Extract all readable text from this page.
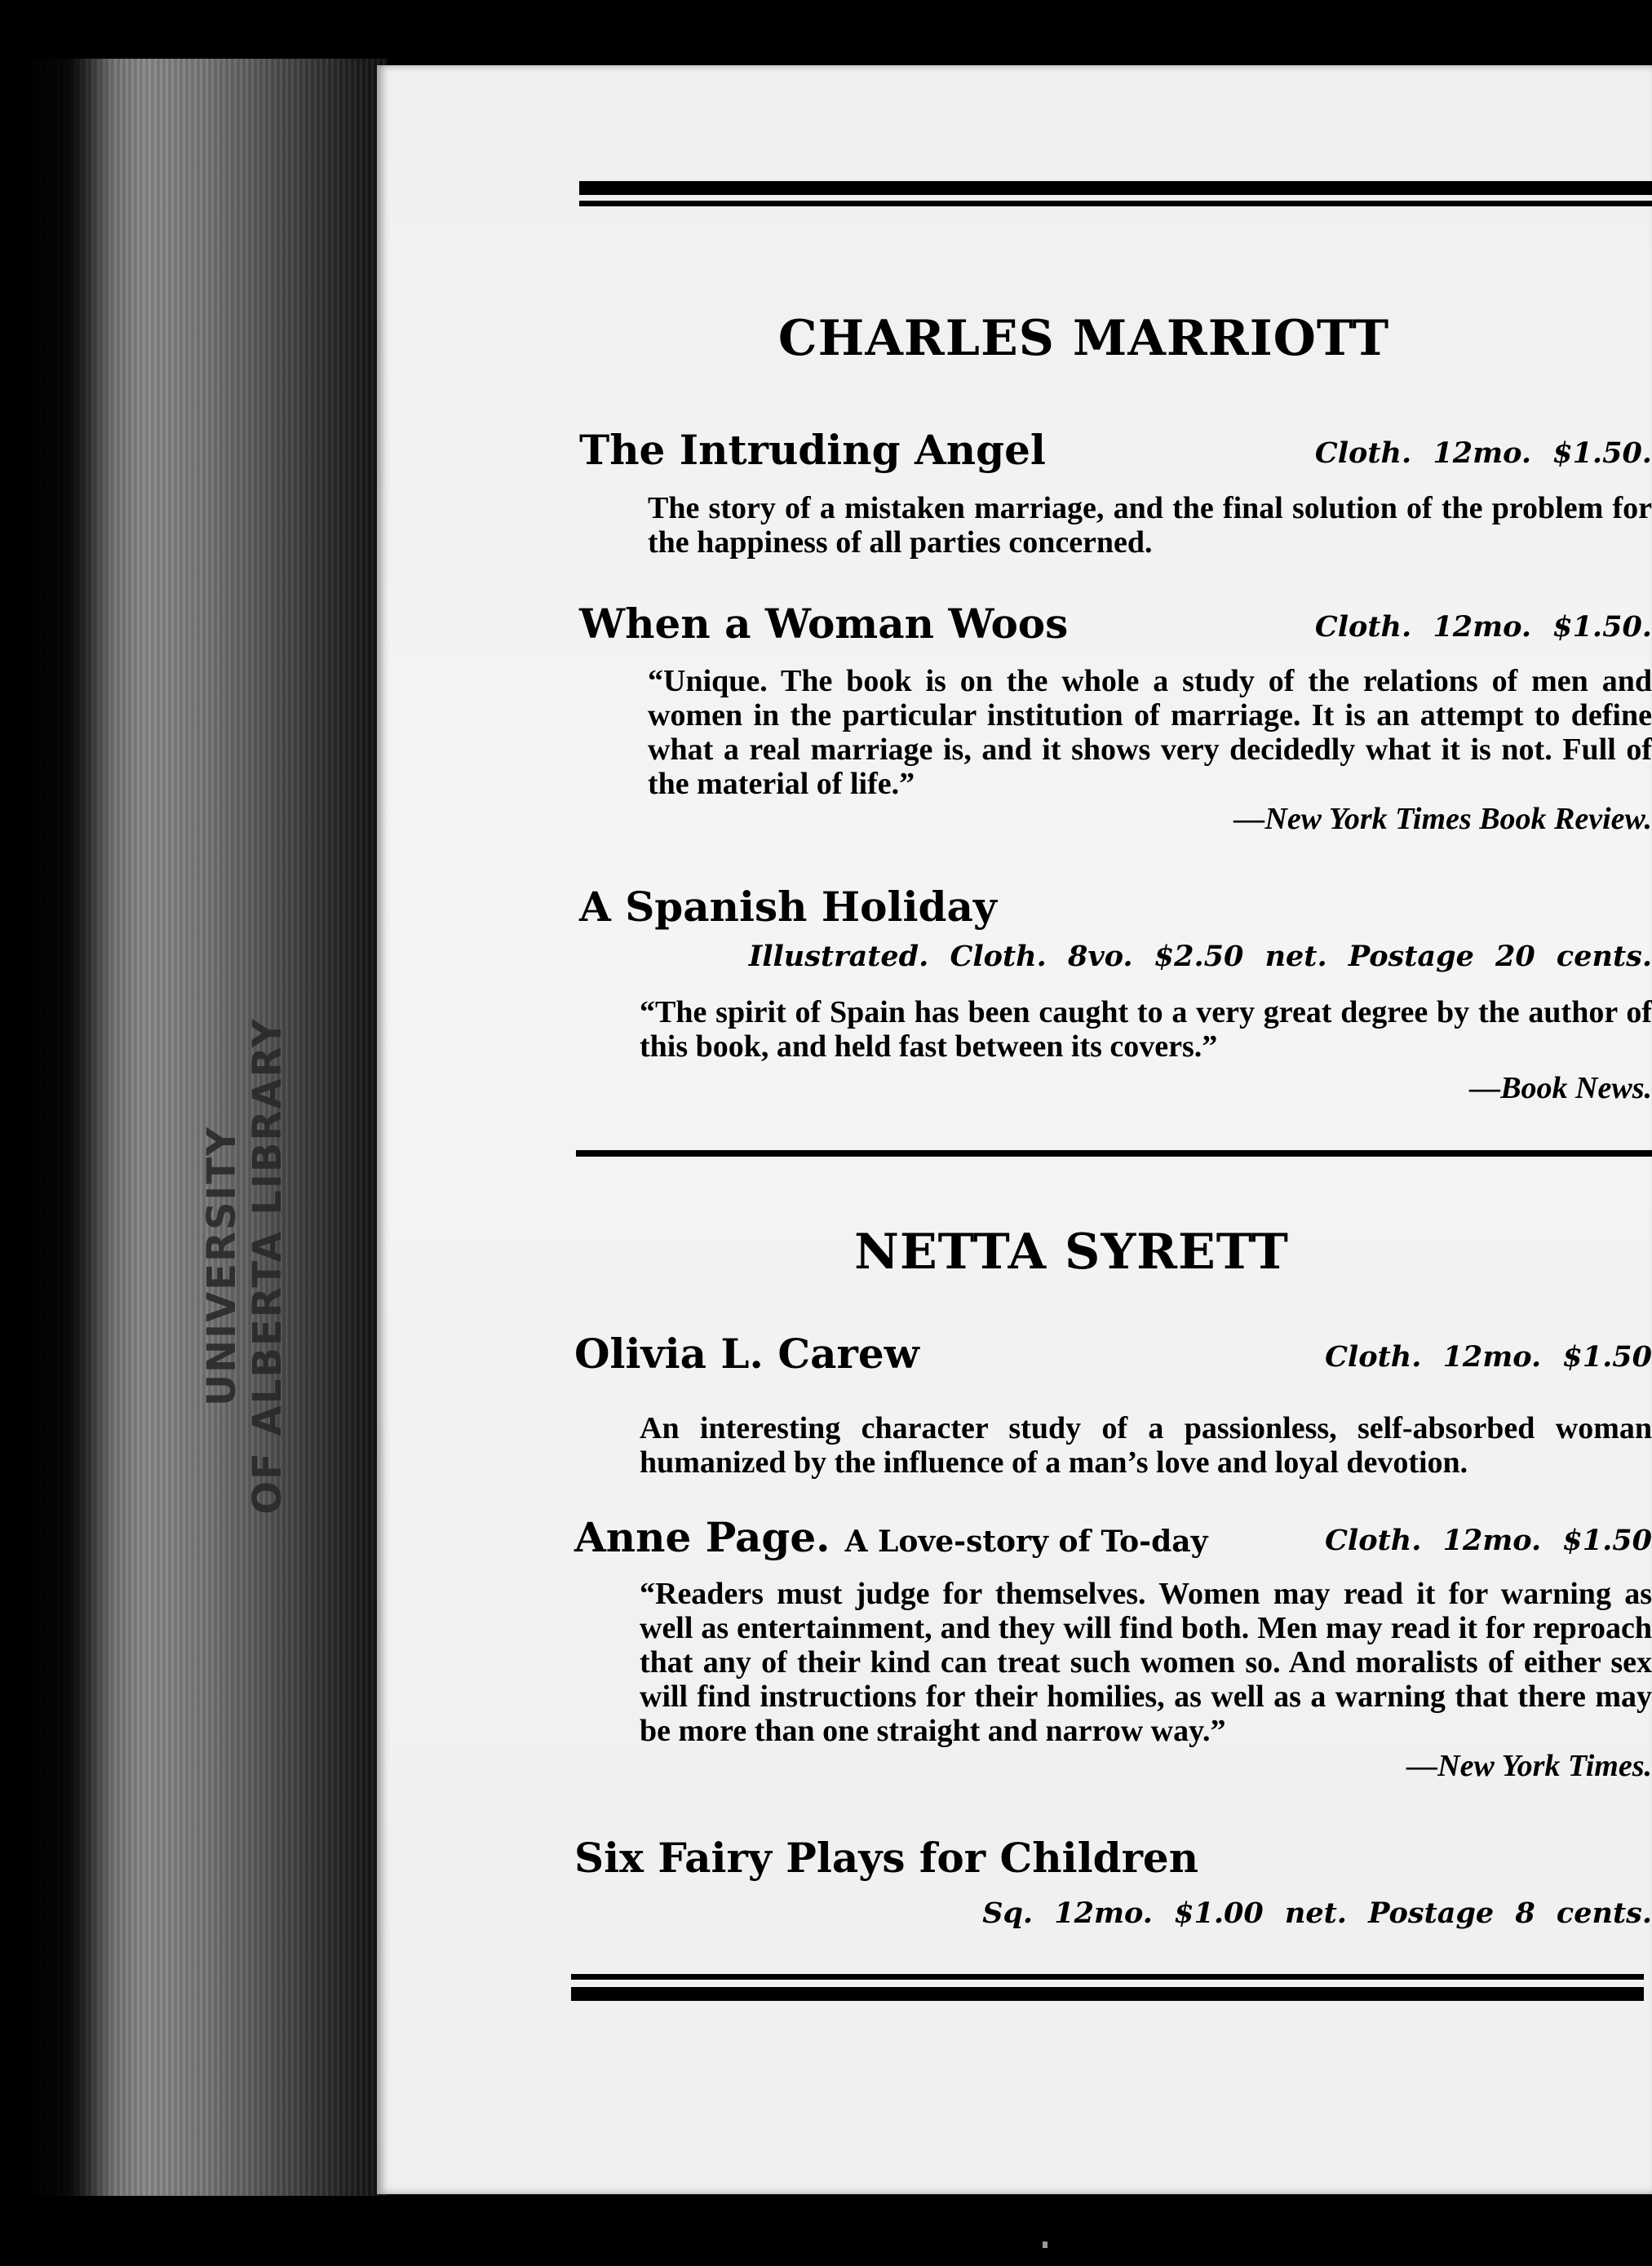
UNIVERSITY OF ALBERTA LIBRARY
CHARLES MARRIOTT
The Intruding Angel	Cloth. 12mo. $1.50.

The story of a mistaken marriage, and the final solution of the problem for the happiness of all parties concerned.

When a Woman Woos	Cloth. 12mo. $1.50.

“Unique. The book is on the whole a study of the relations of men and women in the particular institution of marriage. It is an attempt to define what a real marriage is, and it shows very decidedly what it is not. Full of the material of life.”

—New York Times Book Review.
A Spanish Holiday
Illustrated. Cloth. 8vo. $2.50 net. Postage 20 cents.

“The spirit of Spain has been caught to a very great degree by the author of this book, and held fast between its covers.”

—Book News.
NETTA SYRETT
Olivia L. Carew	Cloth. 12mo. $1.50

An interesting character study of a passionless, self-absorbed woman humanized by the influence of a man’s love and loyal devotion.

Anne Page. A Love-story of To-day	Cloth. 12mo. $1.50

“Readers must judge for themselves. Women may read it for warning as well as entertainment, and they will find both. Men may read it for reproach that any of their kind can treat such women so. And moralists of either sex will find instructions for their homilies, as well as a warning that there may be more than one straight and narrow way.”

—New York Times.
Six Fairy Plays for Children
Sq. 12mo. $1.00 net. Postage 8 cents.
